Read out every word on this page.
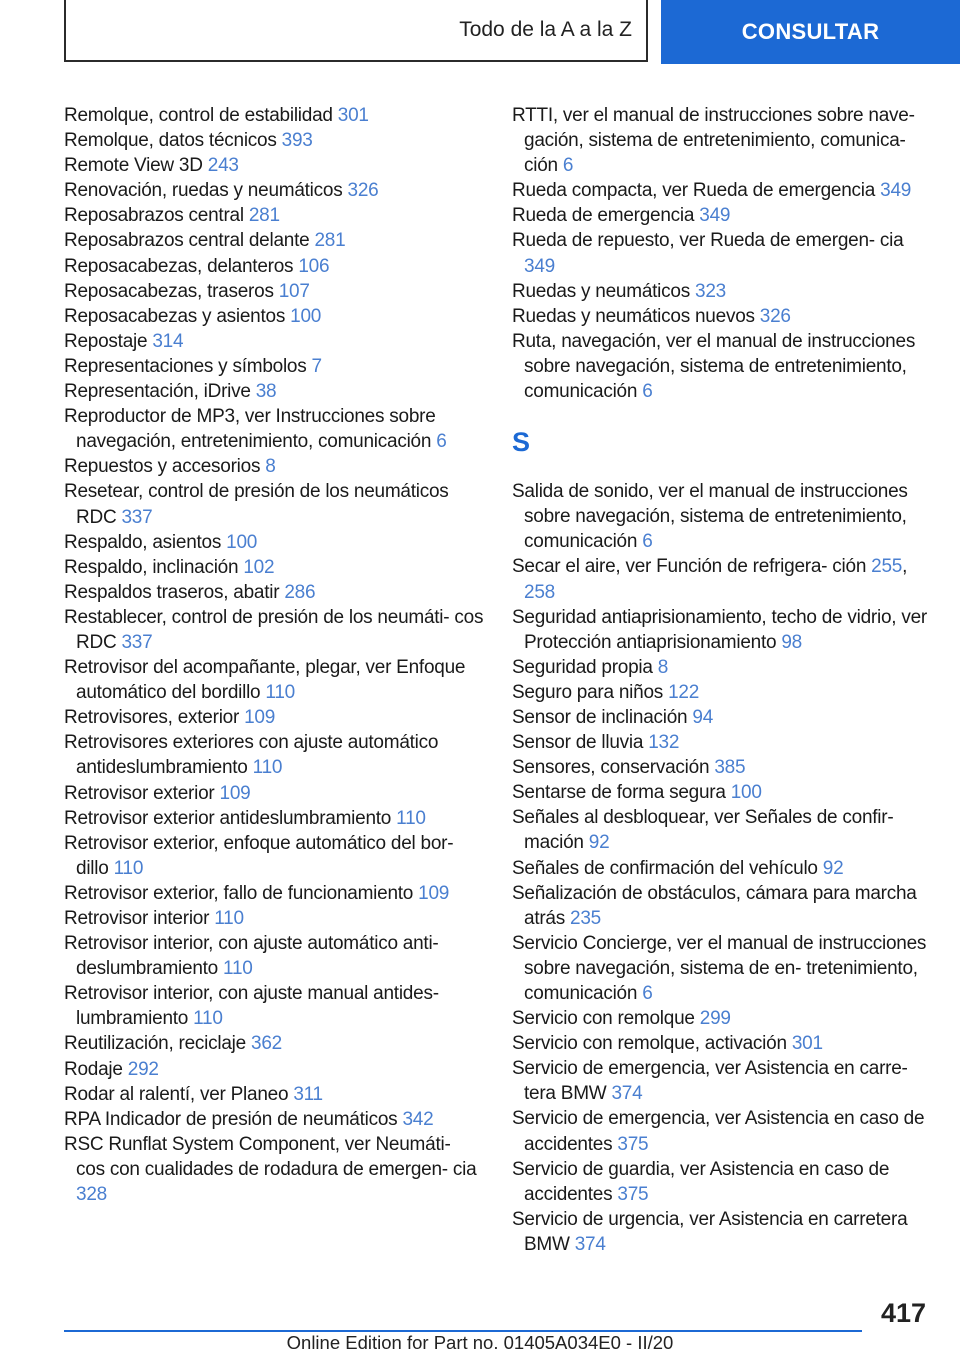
Todo de la A a la Z	CONSULTAR

Remolque, control de estabilidad 301

Remolque, datos técnicos 393

Remote View 3D 243

Renovación, ruedas y neumáticos 326

Reposabrazos central 281

Reposabrazos central delante 281

Reposacabezas, delanteros 106

Reposacabezas, traseros 107

Reposacabezas y asientos 100

Repostaje 314

Representaciones y símbolos 7

Representación, iDrive 38

Reproductor de MP3, ver Instrucciones sobre navegación, entretenimiento, comunicación 6

Repuestos y accesorios 8

Resetear, control de presión de los neumáticos RDC 337

Respaldo, asientos 100

Respaldo, inclinación 102

Respaldos traseros, abatir 286

Restablecer, control de presión de los neumáti- cos RDC 337

Retrovisor del acompañante, plegar, ver Enfoque automático del bordillo 110

Retrovisores, exterior 109

Retrovisores exteriores con ajuste automático antideslumbramiento 110

Retrovisor exterior 109

Retrovisor exterior antideslumbramiento 110

Retrovisor exterior, enfoque automático del bor- dillo 110

Retrovisor exterior, fallo de funcionamiento 109

Retrovisor interior 110

Retrovisor interior, con ajuste automático anti- deslumbramiento 110

Retrovisor interior, con ajuste manual antides- lumbramiento 110

Reutilización, reciclaje 362

Rodaje 292

Rodar al ralentí, ver Planeo 311

RPA Indicador de presión de neumáticos 342

RSC Runflat System Component, ver Neumáti- cos con cualidades de rodadura de emergen- cia 328

RTTI, ver el manual de instrucciones sobre nave- gación, sistema de entretenimiento, comunica- ción 6

Rueda compacta, ver Rueda de emergencia 349

Rueda de emergencia 349

Rueda de repuesto, ver Rueda de emergen- cia 349

Ruedas y neumáticos 323

Ruedas y neumáticos nuevos 326

Ruta, navegación, ver el manual de instrucciones sobre navegación, sistema de entretenimiento, comunicación 6

S

Salida de sonido, ver el manual de instrucciones sobre navegación, sistema de entretenimiento, comunicación 6

Secar el aire, ver Función de refrigera- ción 255, 258

Seguridad antiaprisionamiento, techo de vidrio, ver Protección antiaprisionamiento 98

Seguridad propia 8

Seguro para niños 122

Sensor de inclinación 94

Sensor de lluvia 132

Sensores, conservación 385

Sentarse de forma segura 100

Señales al desbloquear, ver Señales de confir- mación 92

Señales de confirmación del vehículo 92

Señalización de obstáculos, cámara para marcha atrás 235

Servicio Concierge, ver el manual de instrucciones sobre navegación, sistema de en- tretenimiento, comunicación 6

Servicio con remolque 299

Servicio con remolque, activación 301

Servicio de emergencia, ver Asistencia en carre- tera BMW 374

Servicio de emergencia, ver Asistencia en caso de accidentes 375

Servicio de guardia, ver Asistencia en caso de accidentes 375

Servicio de urgencia, ver Asistencia en carretera BMW 374

417
Online Edition for Part no. 01405A034E0 - II/20
